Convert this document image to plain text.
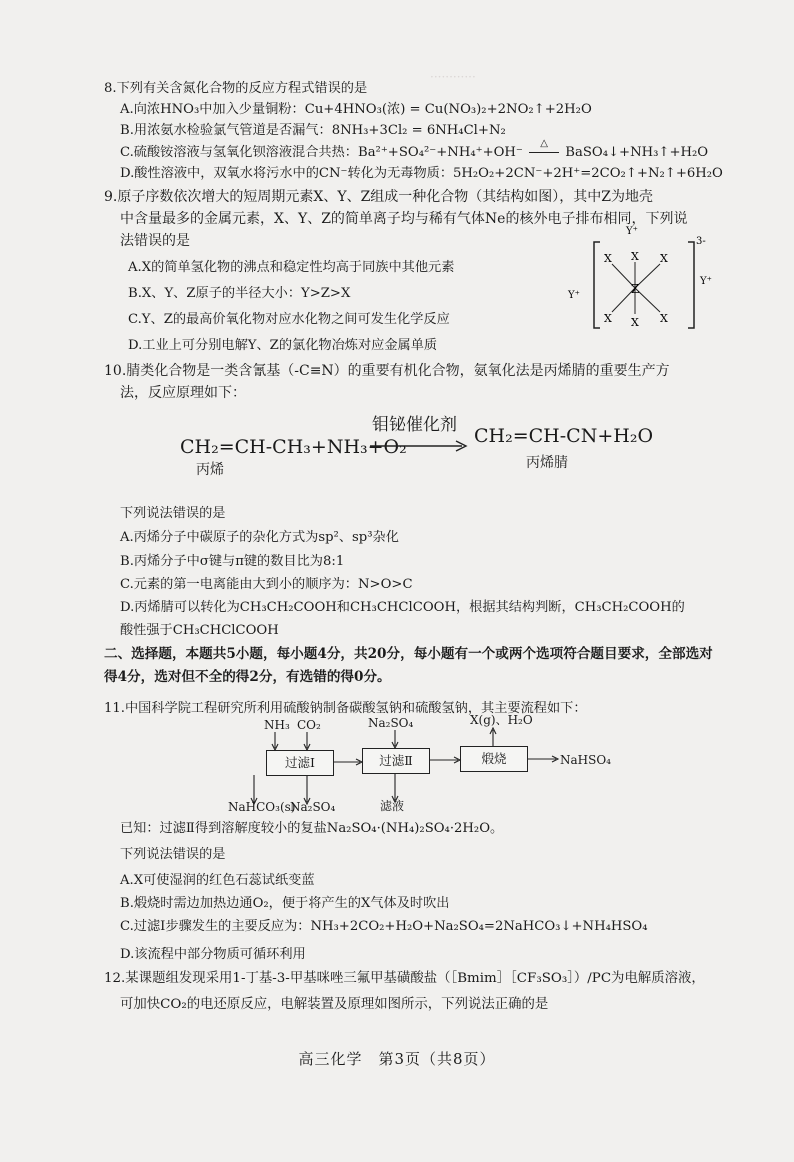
············
8.下列有关含氮化合物的反应方程式错误的是
A.向浓HNO₃中加入少量铜粉：Cu+4HNO₃(浓) = Cu(NO₃)₂+2NO₂↑+2H₂O
B.用浓氨水检验氯气管道是否漏气：8NH₃+3Cl₂ = 6NH₄Cl+N₂
C.硫酸铵溶液与氢氧化钡溶液混合共热：Ba²⁺+SO₄²⁻+NH₄⁺+OH⁻
△
BaSO₄↓+NH₃↑+H₂O
D.酸性溶液中，双氧水将污水中的CN⁻转化为无毒物质：5H₂O₂+2CN⁻+2H⁺=2CO₂↑+N₂↑+6H₂O
9.原子序数依次增大的短周期元素X、Y、Z组成一种化合物（其结构如图），其中Z为地壳
中含量最多的金属元素，X、Y、Z的简单离子均与稀有气体Ne的核外电子排布相同，下列说
法错误的是
A.X的简单氢化物的沸点和稳定性均高于同族中其他元素
B.X、Y、Z原子的半径大小：Y>Z>X
C.Y、Z的最高价氧化物对应水化物之间可发生化学反应
D.工业上可分别电解Y、Z的氯化物冶炼对应金属单质
Z
X
X
X	X
X	X
Y⁺
Y⁺
Y⁺
3-
10.腈类化合物是一类含氰基（-C≡N）的重要有机化合物，氨氧化法是丙烯腈的重要生产方
法，反应原理如下：
CH₂=CH-CH₃+NH₃+O₂
钼铋催化剂 CH₂=CH-CN+H₂O
丙烯	丙烯腈
下列说法错误的是
A.丙烯分子中碳原子的杂化方式为sp²、sp³杂化
B.丙烯分子中σ键与π键的数目比为8:1
C.元素的第一电离能由大到小的顺序为：N>O>C
D.丙烯腈可以转化为CH₃CH₂COOH和CH₃CHClCOOH，根据其结构判断，CH₃CH₂COOH的
酸性强于CH₃CHClCOOH
二、选择题，本题共5小题，每小题4分，共20分，每小题有一个或两个选项符合题目要求，全部选对
得4分，选对但不全的得2分，有选错的得0分。
11.中国科学院工程研究所利用硫酸钠制备碳酸氢钠和硫酸氢钠，其主要流程如下：
NH₃ CO₂	Na₂SO₄	X(g)、H₂O
过滤Ⅰ	过滤Ⅱ	煅烧	NaHSO₄
NaHCO₃(s)
Na₂SO₄	滤液
已知：过滤Ⅱ得到溶解度较小的复盐Na₂SO₄·(NH₄)₂SO₄·2H₂O。
下列说法错误的是
A.X可使湿润的红色石蕊试纸变蓝
B.煅烧时需边加热边通O₂，便于将产生的X气体及时吹出
C.过滤Ⅰ步骤发生的主要反应为：NH₃+2CO₂+H₂O+Na₂SO₄=2NaHCO₃↓+NH₄HSO₄
D.该流程中部分物质可循环利用
12.某课题组发现采用1-丁基-3-甲基咪唑三氟甲基磺酸盐（［Bmim］［CF₃SO₃］）/PC为电解质溶液，
可加快CO₂的电还原反应，电解装置及原理如图所示，下列说法正确的是
高三化学　第3页（共8页）
